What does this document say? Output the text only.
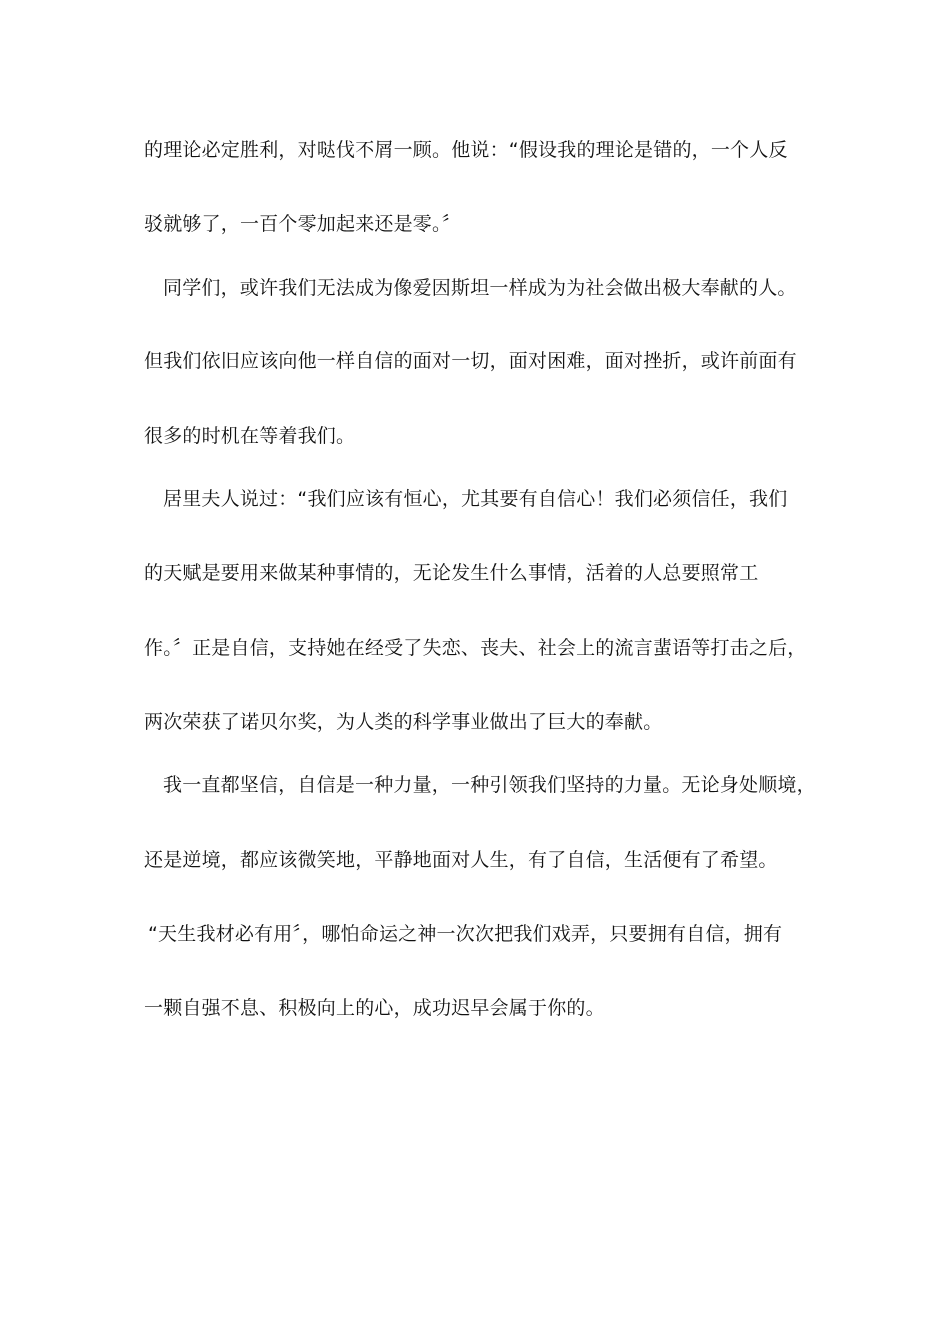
的理论必定胜利，对哒伐不屑一顾。他说：“假设我的理论是错的，一个人反

驳就够了，一百个零加起来还是零。〞

同学们，或许我们无法成为像爱因斯坦一样成为为社会做出极大奉献的人。

但我们依旧应该向他一样自信的面对一切，面对困难，面对挫折，或许前面有

很多的时机在等着我们。

居里夫人说过：“我们应该有恒心，尤其要有自信心！我们必须信任，我们

的天赋是要用来做某种事情的，无论发生什么事情，活着的人总要照常工

作。〞正是自信，支持她在经受了失恋、丧夫、社会上的流言蜚语等打击之后，

两次荣获了诺贝尔奖，为人类的科学事业做出了巨大的奉献。

我一直都坚信，自信是一种力量，一种引领我们坚持的力量。无论身处顺境，

还是逆境，都应该微笑地，平静地面对人生，有了自信，生活便有了希望。

“天生我材必有用〞，哪怕命运之神一次次把我们戏弄，只要拥有自信，拥有

一颗自强不息、积极向上的心，成功迟早会属于你的。
